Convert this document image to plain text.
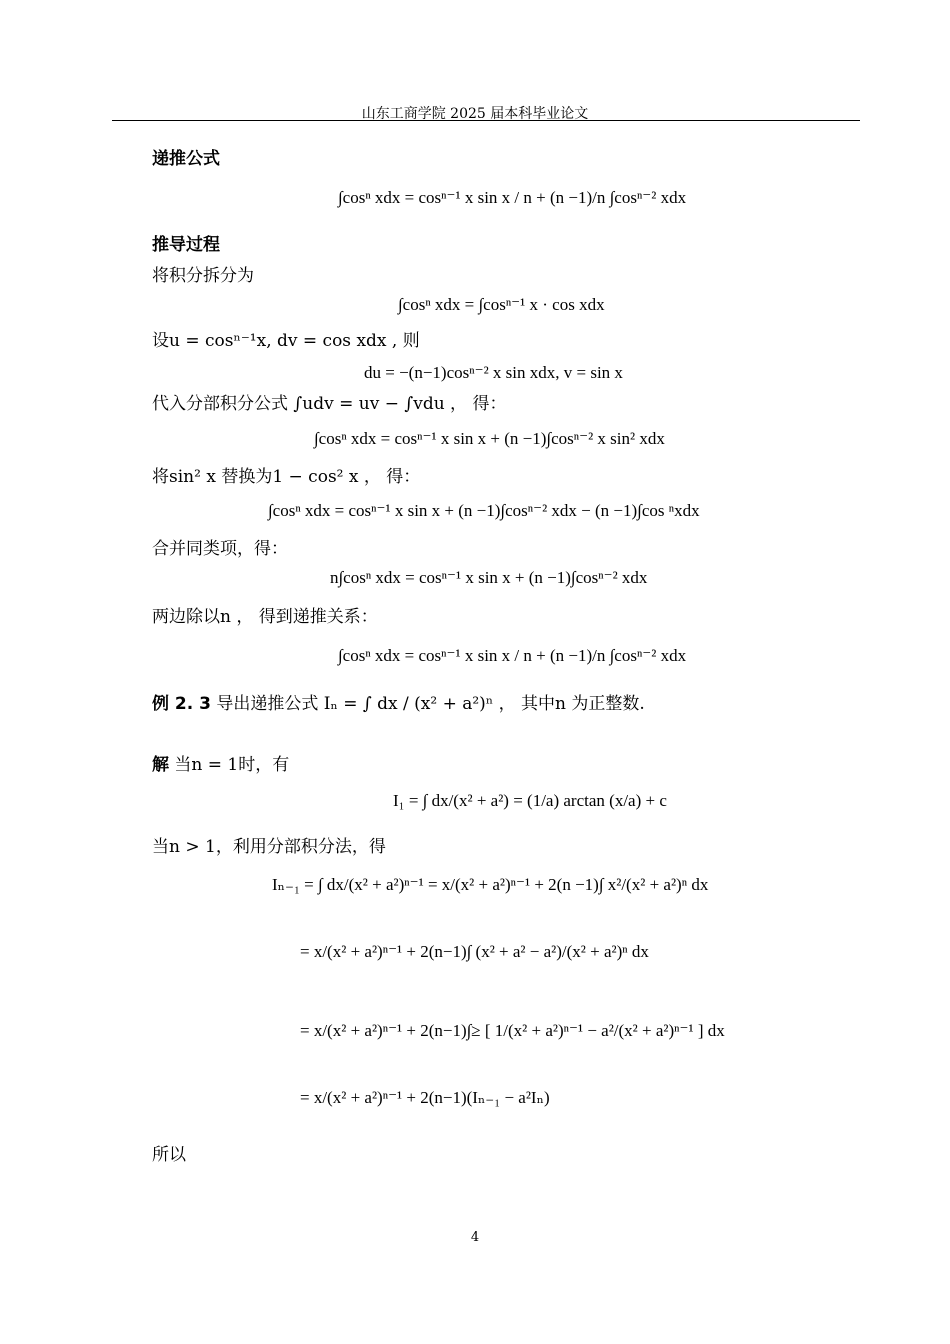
山东工商学院 2025 届本科毕业论文
递推公式
∫cosⁿ xdx = cosⁿ⁻¹ x sin x / n + (n −1)/n ∫cosⁿ⁻² xdx
推导过程
将积分拆分为
∫cosⁿ xdx = ∫cosⁿ⁻¹ x · cos xdx
设u = cosⁿ⁻¹x, dv = cos xdx , 则
du = −(n−1)cosⁿ⁻² x sin xdx, v = sin x
代入分部积分公式 ∫udv = uv − ∫vdu ， 得：
∫cosⁿ xdx = cosⁿ⁻¹ x sin x + (n −1)∫cosⁿ⁻² x sin² xdx
将sin² x 替换为1 − cos² x ， 得：
∫cosⁿ xdx = cosⁿ⁻¹ x sin x + (n −1)∫cosⁿ⁻² xdx − (n −1)∫cos ⁿxdx
合并同类项，得：
n∫cosⁿ xdx = cosⁿ⁻¹ x sin x + (n −1)∫cosⁿ⁻² xdx
两边除以n ， 得到递推关系：
∫cosⁿ xdx = cosⁿ⁻¹ x sin x / n + (n −1)/n ∫cosⁿ⁻² xdx
例 2. 3 导出递推公式 Iₙ = ∫ dx / (x² + a²)ⁿ ， 其中n 为正整数.
解 当n = 1时，有
I₁ = ∫ dx/(x² + a²) = (1/a) arctan (x/a) + c
当n > 1，利用分部积分法，得
Iₙ₋₁ = ∫ dx/(x² + a²)ⁿ⁻¹ = x/(x² + a²)ⁿ⁻¹ + 2(n −1)∫ x²/(x² + a²)ⁿ dx
= x/(x² + a²)ⁿ⁻¹ + 2(n−1)∫ (x² + a² − a²)/(x² + a²)ⁿ dx
= x/(x² + a²)ⁿ⁻¹ + 2(n−1)∫≥ [ 1/(x² + a²)ⁿ⁻¹ − a²/(x² + a²)ⁿ⁻¹ ] dx
= x/(x² + a²)ⁿ⁻¹ + 2(n−1)(Iₙ₋₁ − a²Iₙ)
所以
4
